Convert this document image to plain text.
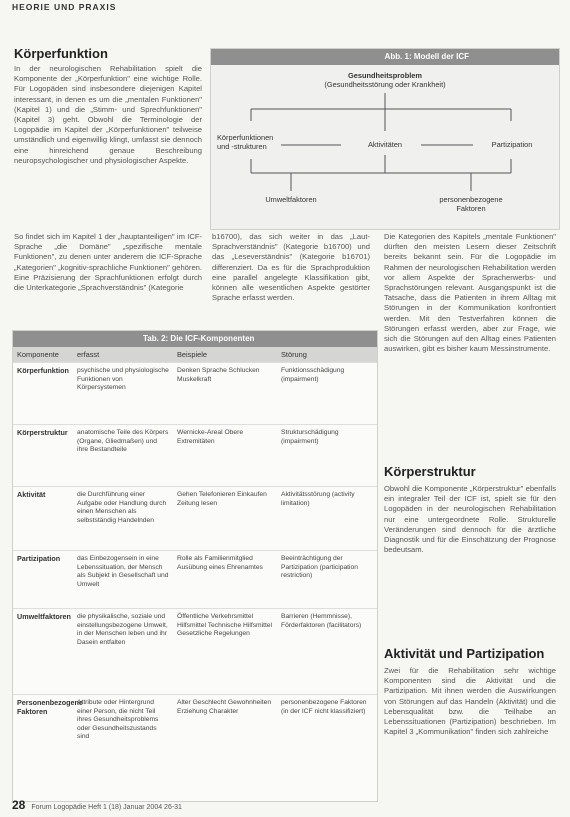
HEORIE UND PRAXIS
Körperfunktion

In der neurologischen Rehabilitation spielt die Komponente der „Körperfunktion" eine wichtige Rolle. Für Logopäden sind insbesondere diejenigen Kapitel interessant, in denen es um die „mentalen Funktionen" (Kapitel 1) und die „Stimm- und Sprechfunktionen" (Kapitel 3) geht. Obwohl die Terminologie der Logopädie im Kapitel der „Körperfunktionen" teilweise umständlich und eigenwillig klingt, umfasst sie dennoch eine hinreichend genaue Beschreibung neuropsychologischer und physiologischer Aspekte.

So findet sich im Kapitel 1 der „hauptanteiligen" im ICF-Sprache „die Domäne" „spezifische mentale Funktionen", zu denen unter anderem die ICF-Sprache „Kategorien" „kognitiv-sprachliche Funktionen" gehören. Eine Präzisierung der Sprachfunktionen erfolgt durch die Unterkategorie „Sprachverständnis" (Kategorie

Abb. 1: Modell der ICF
Gesundheitsproblem
(Gesundheitsstörung oder Krankheit)
Körperfunktionen und -strukturen	Aktivitäten	Partizipation
Umweltfaktoren	personenbezogene Faktoren

b16700), das sich weiter in das „Laut-Sprachverständnis" (Kategorie b16700) und das „Leseverständnis" (Kategorie b16701) differenziert. Da es für die Sprachproduktion eine parallel angelegte Klassifikation gibt, können alle wesentlichen Aspekte gestörter Sprache erfasst werden.

Die Kategorien des Kapitels „mentale Funktionen" dürften den meisten Lesern dieser Zeitschrift bereits bekannt sein. Für die Logopädie im Rahmen der neurologischen Rehabilitation werden vor allem Aspekte der Spracherwerbs- und Sprachstörungen relevant. Ausgangspunkt ist die Tatsache, dass die Patienten in ihrem Alltag mit Störungen in der Kommunikation konfrontiert werden. Mit den Testverfahren können die Störungen erfasst werden, aber zur Frage, wie sich die Störungen auf den Alltag eines Patienten auswirken, gibt es bisher kaum Messinstrumente.

Körperstruktur

Obwohl die Komponente „Körperstruktur" ebenfalls ein integraler Teil der ICF ist, spielt sie für den Logopäden in der neurologischen Rehabilitation nur eine untergeordnete Rolle. Strukturelle Veränderungen sind dennoch für die ärztliche Diagnostik und für die Einschätzung der Prognose bedeutsam.

Aktivität und Partizipation

Zwei für die Rehabilitation sehr wichtige Komponenten sind die Aktivität und die Partizipation. Mit ihnen werden die Auswirkungen von Störungen auf das Handeln (Aktivität) und die Lebensqualität bzw. die Teilhabe an Lebenssituationen (Partizipation) beschrieben. Im Kapitel 3 „Kommunikation" finden sich zahlreiche

Tab. 2: Die ICF-Komponenten
Komponente	erfasst	Beispiele	Störung
Körperfunktion	psychische und physiologische Funktionen von Körpersystemen	Denken Sprache Schlucken Muskelkraft	Funktionsschädigung (impairment)
Körperstruktur	anatomische Teile des Körpers (Organe, Gliedmaßen) und ihre Bestandteile	Wernicke-Areal Obere Extremitäten	Strukturschädigung (impairment)
Aktivität	die Durchführung einer Aufgabe oder Handlung durch einen Menschen als selbstständig Handelnden	Gehen Telefonieren Einkaufen Zeitung lesen	Aktivitätsstörung (activity limitation)
Partizipation	das Einbezogensein in eine Lebenssituation, der Mensch als Subjekt in Gesellschaft und Umwelt	Rolle als Familienmitglied Ausübung eines Ehrenamtes	Beeinträchtigung der Partizipation (participation restriction)
Umweltfaktoren	die physikalische, soziale und einstellungsbezogene Umwelt, in der Menschen leben und ihr Dasein entfalten	Öffentliche Verkehrsmittel Hilfsmittel Technische Hilfsmittel Gesetzliche Regelungen	Barrieren (Hemmnisse), Förderfaktoren (facilitators)
Personenbezogene Faktoren	Attribute oder Hintergrund einer Person, die nicht Teil ihres Gesundheitsproblems oder Gesundheitszustands sind	Alter Geschlecht Gewohnheiten Erziehung Charakter	personenbezogene Faktoren (in der ICF nicht klassifiziert)
28 Forum Logopädie Heft 1 (18) Januar 2004 26-31
